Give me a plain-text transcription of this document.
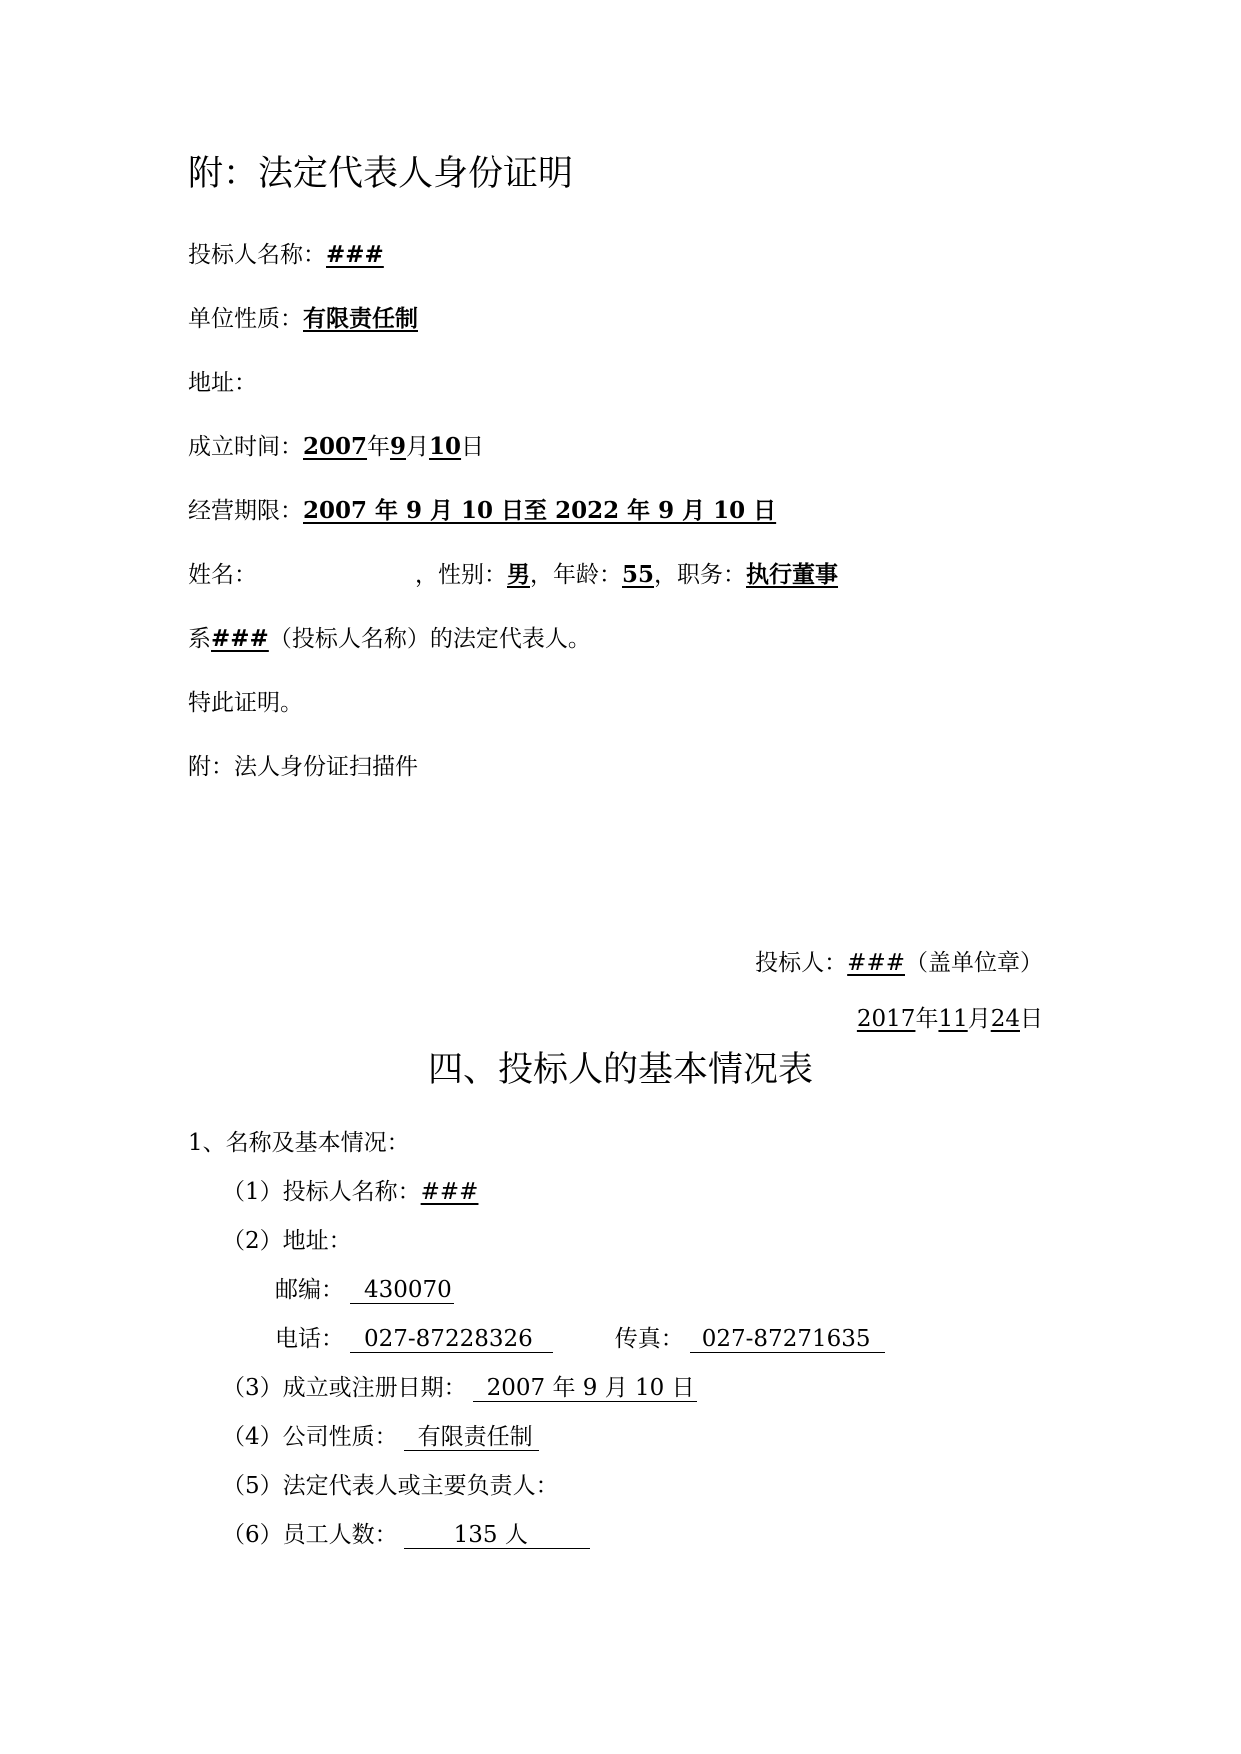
附：法定代表人身份证明
投标人名称：###
单位性质：有限责任制
地址：
成立时间：2007年9月10日
经营期限：2007 年 9 月 10 日至 2022 年 9 月 10 日
姓名：	，性别：男，年龄：55，职务：执行董事
系###（投标人名称）的法定代表人。
特此证明。
附：法人身份证扫描件
投标人：###（盖单位章）
2017年11月24日
四、投标人的基本情况表
1、名称及基本情况：
（1）投标人名称：###
（2）地址：
邮编： 430070
电话： 027-87228326	传真： 027-87271635
（3）成立或注册日期： 2007 年 9 月 10 日
（4）公司性质： 有限责任制
（5）法定代表人或主要负责人：
（6）员工人数： 135 人
